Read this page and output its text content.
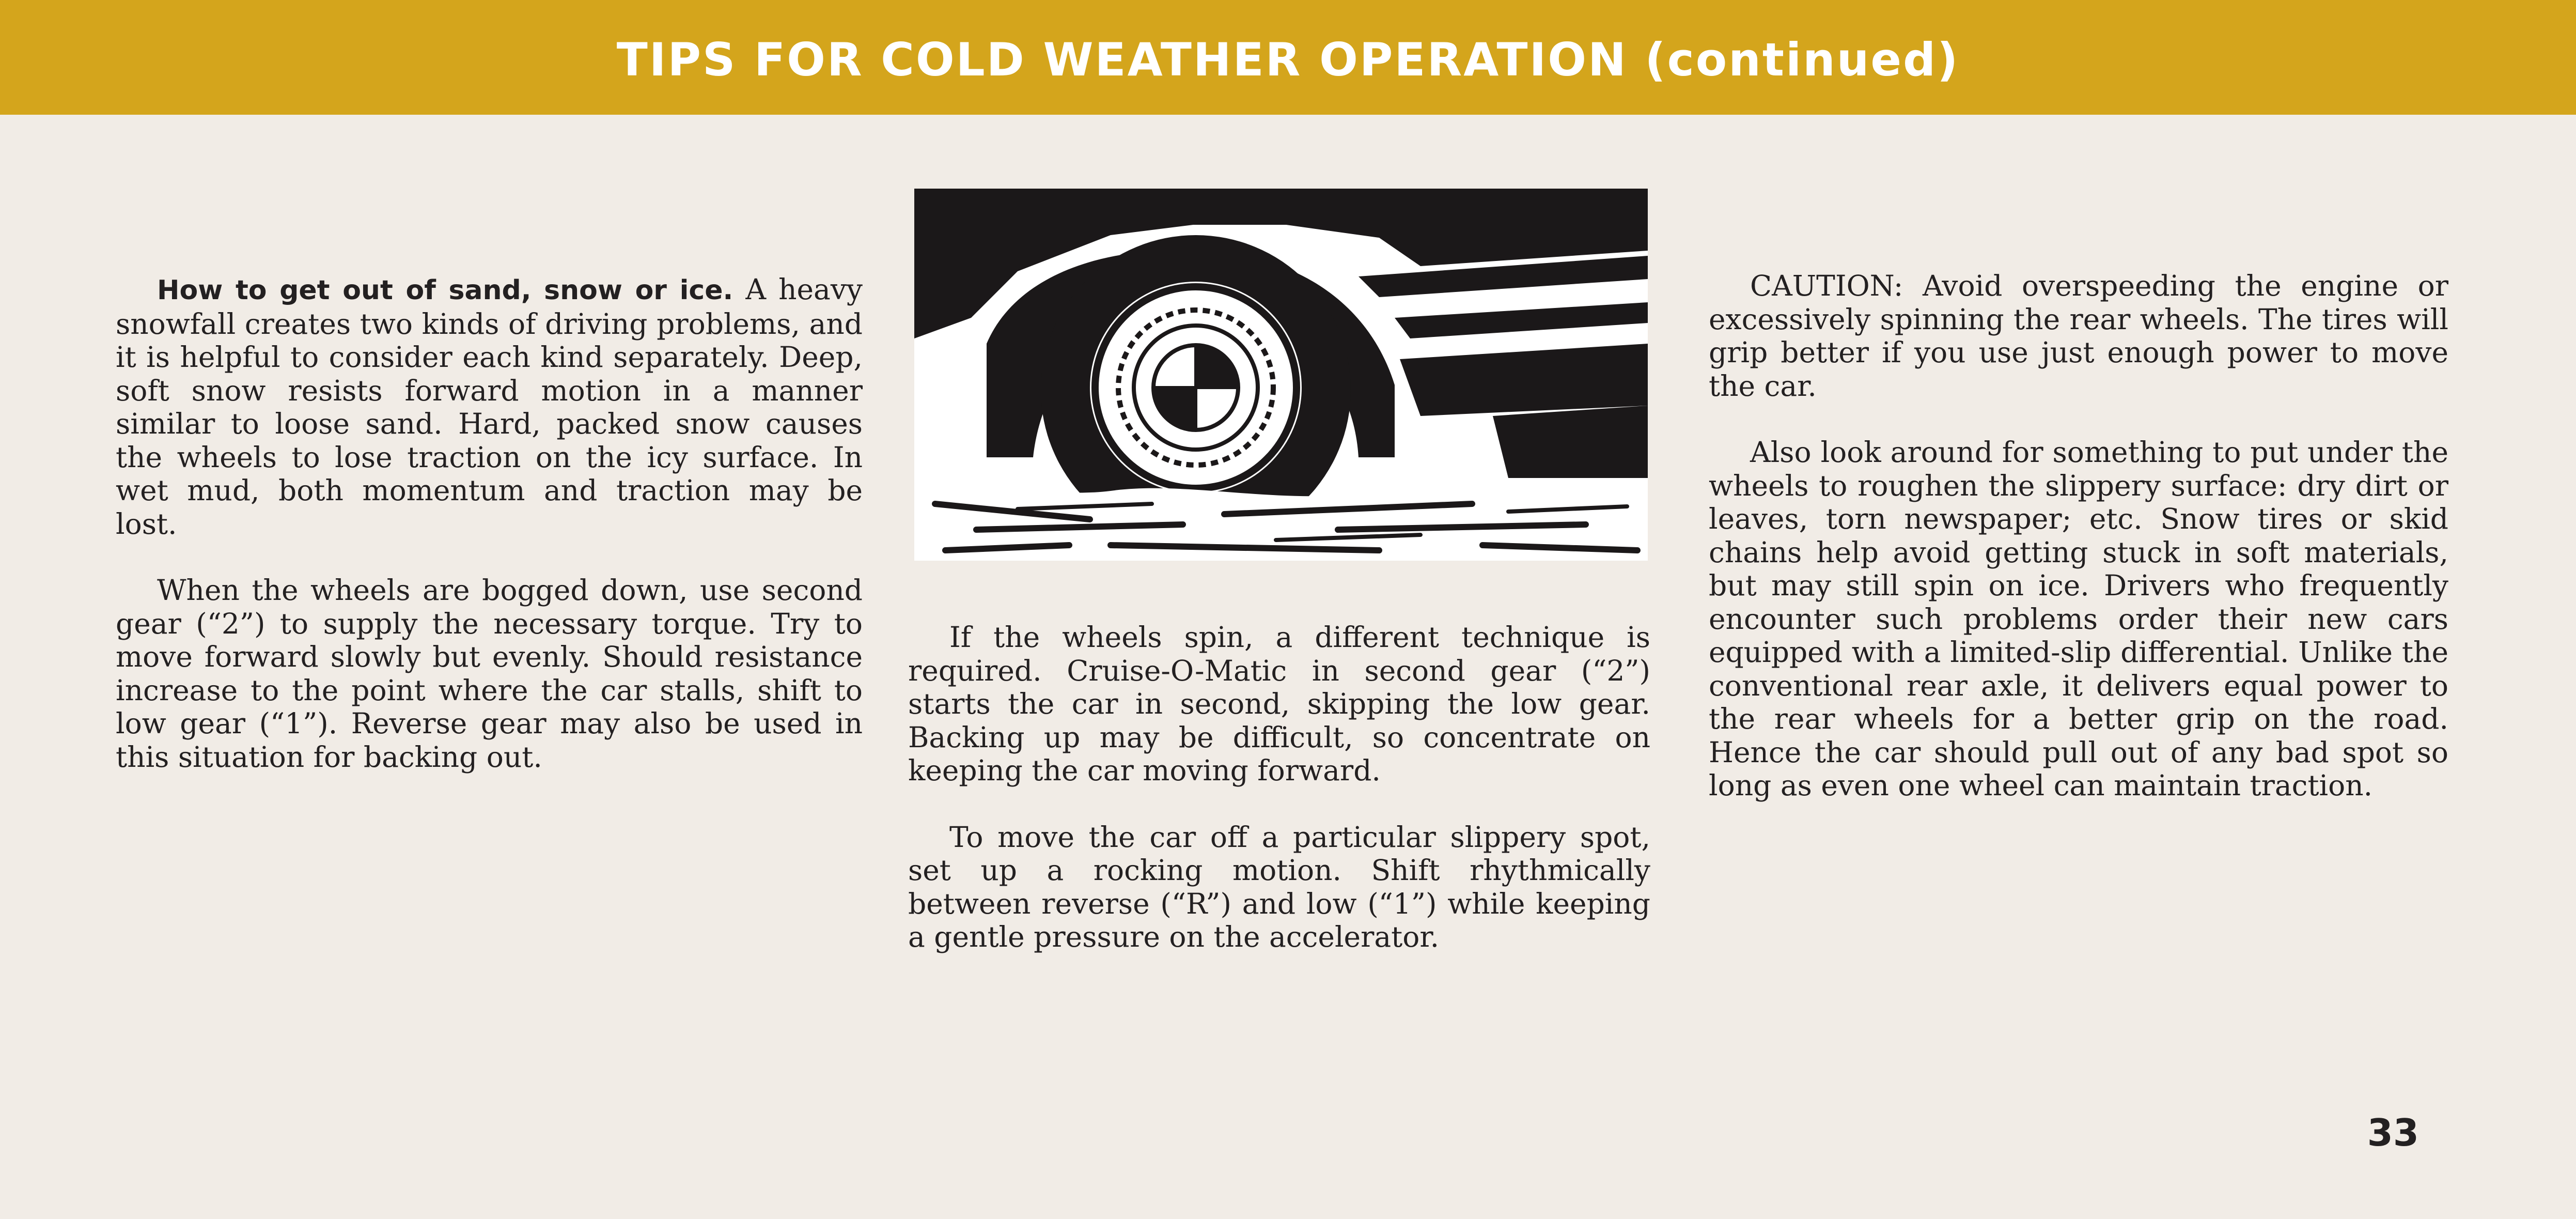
TIPS FOR COLD WEATHER OPERATION (continued)

How to get out of sand, snow or ice. A heavy snowfall creates two kinds of driving problems, and it is helpful to consider each kind separately. Deep, soft snow resists forward motion in a manner similar to loose sand. Hard, packed snow causes the wheels to lose traction on the icy surface. In wet mud, both momentum and traction may be lost.

When the wheels are bogged down, use second gear (“2”) to supply the necessary torque. Try to move forward slowly but evenly. Should resistance increase to the point where the car stalls, shift to low gear (“1”). Reverse gear may also be used in this situation for backing out.

If the wheels spin, a different technique is required. Cruise-O-Matic in second gear (“2”) starts the car in second, skipping the low gear. Backing up may be difficult, so concentrate on keeping the car moving forward.

To move the car off a particular slippery spot, set up a rocking motion. Shift rhythmically between reverse (“R”) and low (“1”) while keeping a gentle pressure on the accelerator.

CAUTION: Avoid overspeeding the engine or excessively spinning the rear wheels. The tires will grip better if you use just enough power to move the car.

Also look around for something to put under the wheels to roughen the slippery surface: dry dirt or leaves, torn newspaper; etc. Snow tires or skid chains help avoid getting stuck in soft materials, but may still spin on ice. Drivers who frequently encounter such problems order their new cars equipped with a limited-slip differential. Unlike the conventional rear axle, it delivers equal power to the rear wheels for a better grip on the road. Hence the car should pull out of any bad spot so long as even one wheel can maintain traction.

33
